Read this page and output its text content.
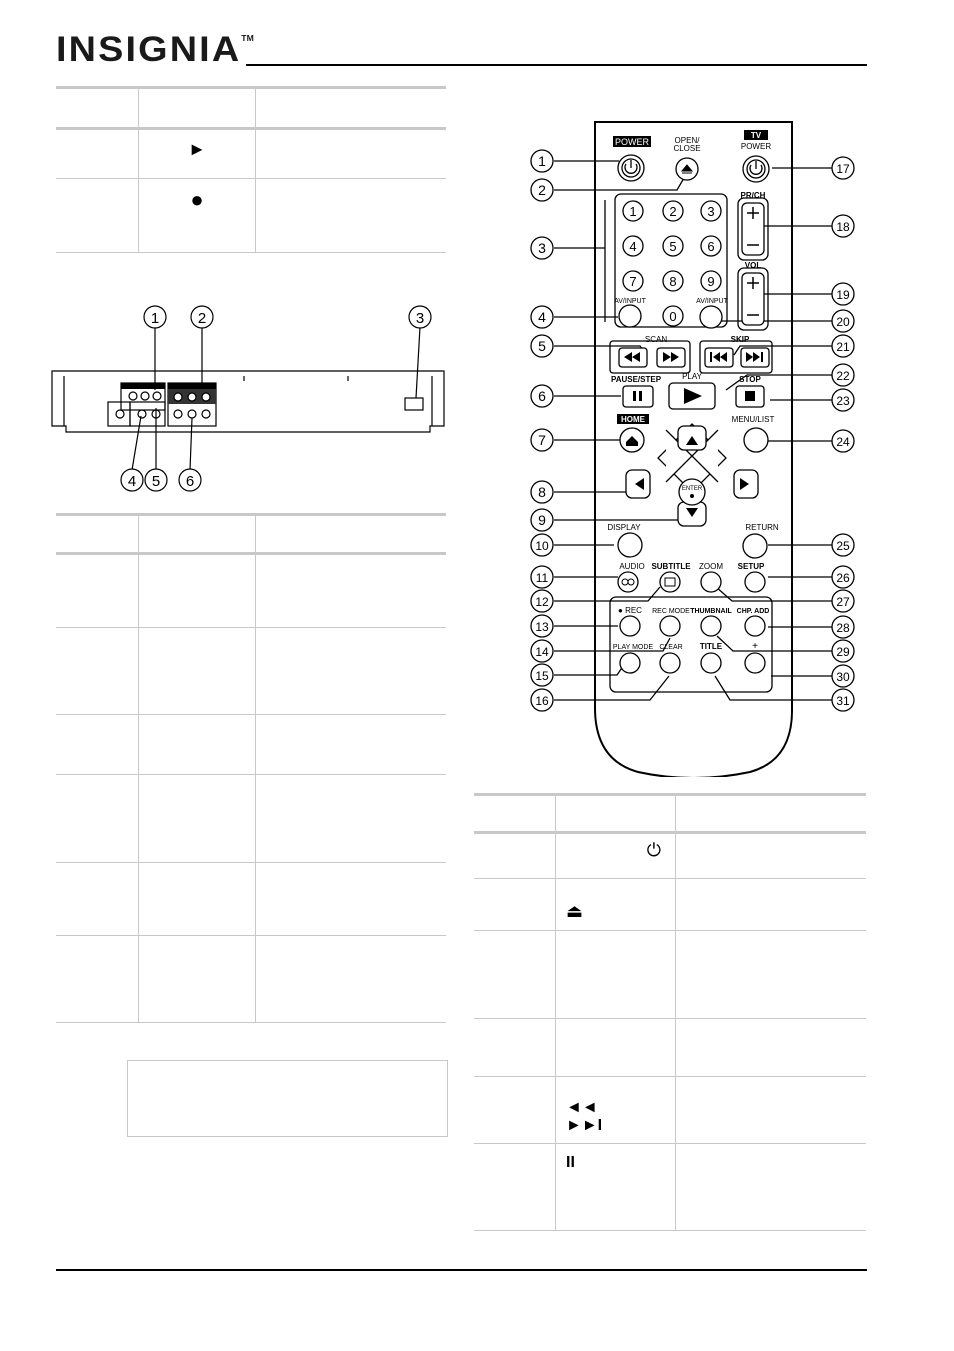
INSIGNIA™

	►	
	●	
1	2	3
4 5 6

1	2 3
4	5 6
7	8 9
0
POWER	OPEN/
CLOSE
TV
POWER
PR/CH
VOL
AV/INPUT	AV/INPUT
SCAN	SKIP
PAUSE/STEP	PLAY	STOP
HOME	MENU/LIST
ENTER
DISPLAY	RETURN
AUDIO SUBTITLE ZOOM SETUP
● REC REC MODE THUMBNAIL CHP. ADD
PLAY MODE CLEAR TITLE	+
1
2
3
4
5
6
7
8
9
10
11
12
13
14
15
16
17
18
19
20
21
22
23
24
25
26
27
28
29
30
31

	⏻	
	⏏	

	◄◄
►►I	

	II	
